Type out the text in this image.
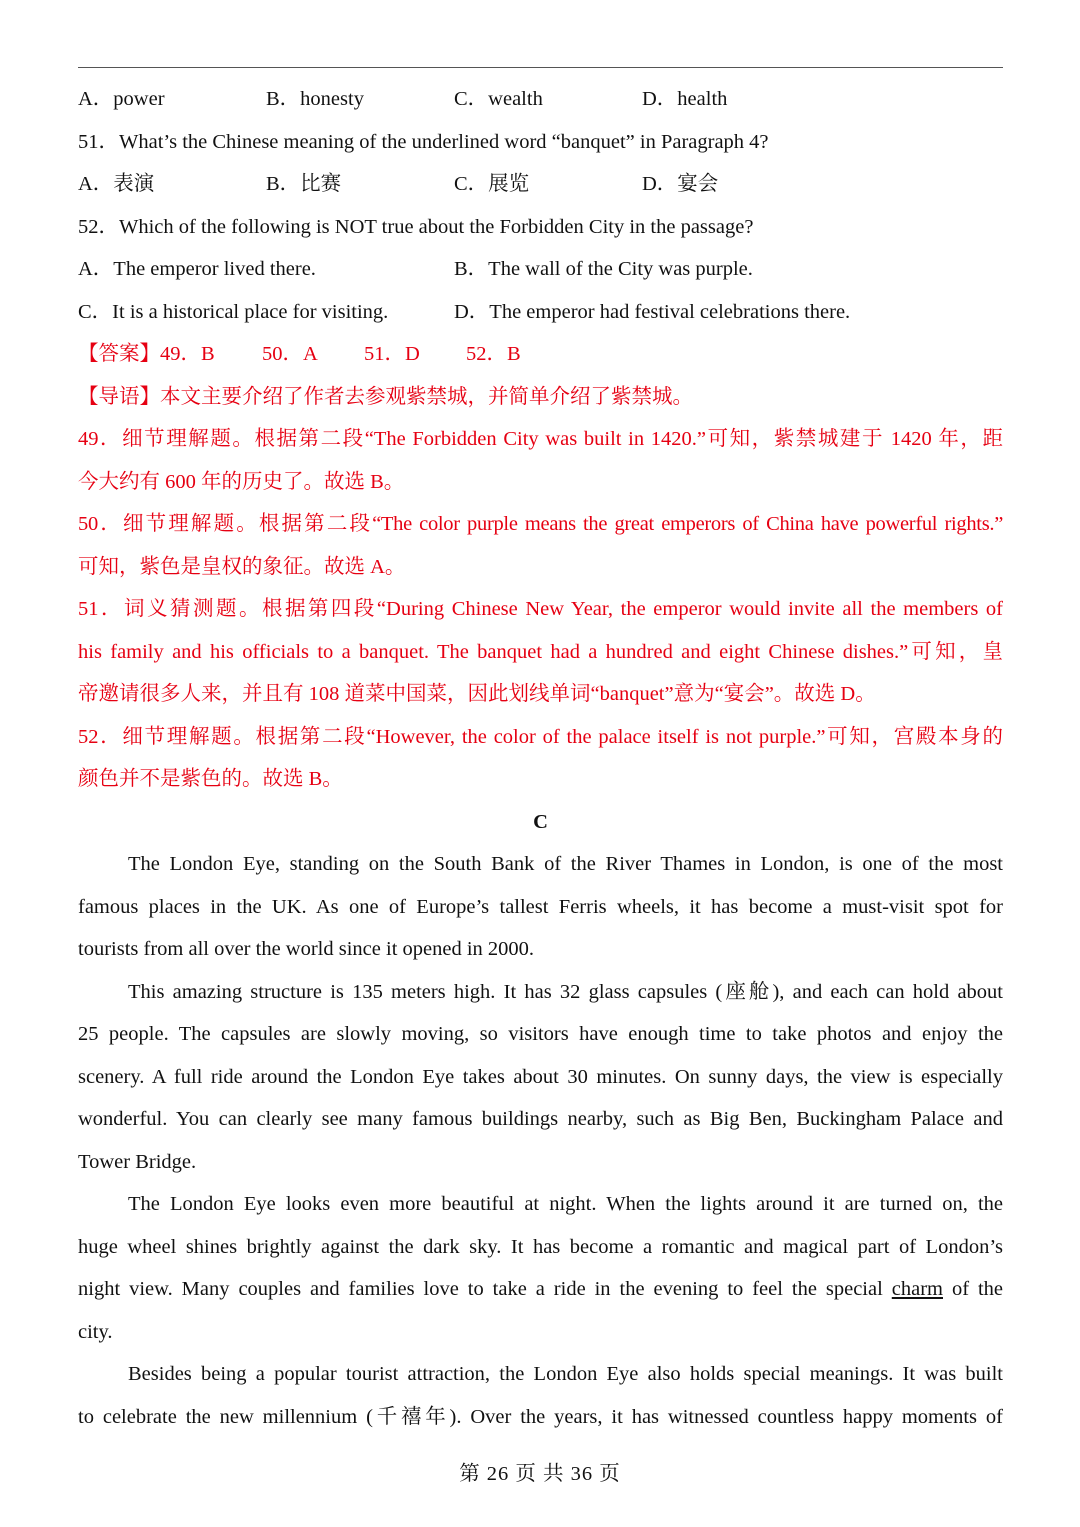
A．power	B．honesty	C．wealth	D．health
51．What’s the Chinese meaning of the underlined word “banquet” in Paragraph 4?
A．表演	B．比赛	C．展览	D．宴会
52．Which of the following is NOT true about the Forbidden City in the passage?
A．The emperor lived there.	B．The wall of the City was purple.
C．It is a historical place for visiting.	D．The emperor had festival celebrations there.
【答案】49．B 50．A 51．D 52．B
【导语】本文主要介绍了作者去参观紫禁城，并简单介绍了紫禁城。
49．细节理解题。根据第二段“The Forbidden City was built in 1420.”可知，紫禁城建于 1420 年，距
今大约有 600 年的历史了。故选 B。
50．细节理解题。根据第二段“The color purple means the great emperors of China have powerful rights.”
可知，紫色是皇权的象征。故选 A。
51．词义猜测题。根据第四段“During Chinese New Year, the emperor would invite all the members of
his family and his officials to a banquet. The banquet had a hundred and eight Chinese dishes.”可知，皇
帝邀请很多人来，并且有 108 道菜中国菜，因此划线单词“banquet”意为“宴会”。故选 D。
52．细节理解题。根据第二段“However, the color of the palace itself is not purple.”可知，宫殿本身的
颜色并不是紫色的。故选 B。
C
The London Eye, standing on the South Bank of the River Thames in London, is one of the most
famous places in the UK. As one of Europe’s tallest Ferris wheels, it has become a must-visit spot for
tourists from all over the world since it opened in 2000.
This amazing structure is 135 meters high. It has 32 glass capsules (座舱), and each can hold about
25 people. The capsules are slowly moving, so visitors have enough time to take photos and enjoy the
scenery. A full ride around the London Eye takes about 30 minutes. On sunny days, the view is especially
wonderful. You can clearly see many famous buildings nearby, such as Big Ben, Buckingham Palace and
Tower Bridge.
The London Eye looks even more beautiful at night. When the lights around it are turned on, the
huge wheel shines brightly against the dark sky. It has become a romantic and magical part of London’s
night view. Many couples and families love to take a ride in the evening to feel the special charm of the
city.
Besides being a popular tourist attraction, the London Eye also holds special meanings. It was built
to celebrate the new millennium (千禧年). Over the years, it has witnessed countless happy moments of
第 26 页 共 36 页
